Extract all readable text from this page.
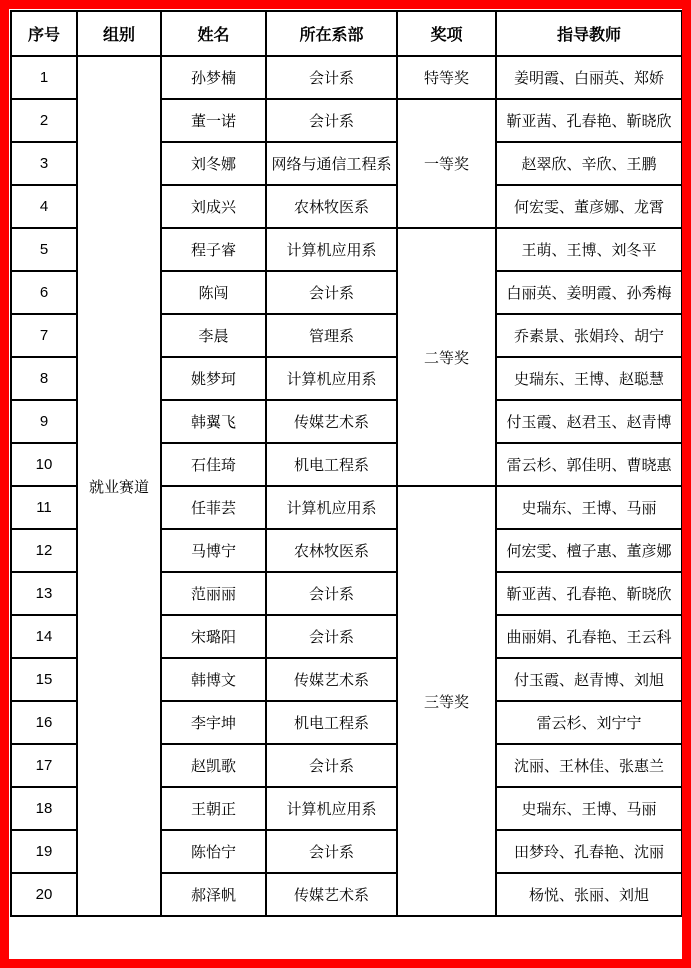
序号	组别	姓名	所在系部	奖项	指导教师
1	就业赛道	孙梦楠	会计系	特等奖	姜明霞、白丽英、郑娇
2		董一诺	会计系	一等奖	靳亚茜、孔春艳、靳晓欣
3		刘冬娜	网络与通信工程系		赵翠欣、辛欣、王鹏
4		刘成兴	农林牧医系		何宏雯、董彦娜、龙霄
5		程子睿	计算机应用系	二等奖	王萌、王博、刘冬平
6		陈闯	会计系		白丽英、姜明霞、孙秀梅
7		李晨	管理系		乔素景、张娟玲、胡宁
8		姚梦珂	计算机应用系		史瑞东、王博、赵聪慧
9		韩翼飞	传媒艺术系		付玉霞、赵君玉、赵青博
10		石佳琦	机电工程系		雷云杉、郭佳明、曹晓惠
11		任菲芸	计算机应用系	三等奖	史瑞东、王博、马丽
12		马博宁	农林牧医系		何宏雯、檀子惠、董彦娜
13		范丽丽	会计系		靳亚茜、孔春艳、靳晓欣
14		宋璐阳	会计系		曲丽娟、孔春艳、王云科
15		韩博文	传媒艺术系		付玉霞、赵青博、刘旭
16		李宇坤	机电工程系		雷云杉、刘宁宁
17		赵凯歌	会计系		沈丽、王林佳、张惠兰
18		王朝正	计算机应用系		史瑞东、王博、马丽
19		陈怡宁	会计系		田梦玲、孔春艳、沈丽
20		郝泽帆	传媒艺术系		杨悦、张丽、刘旭
